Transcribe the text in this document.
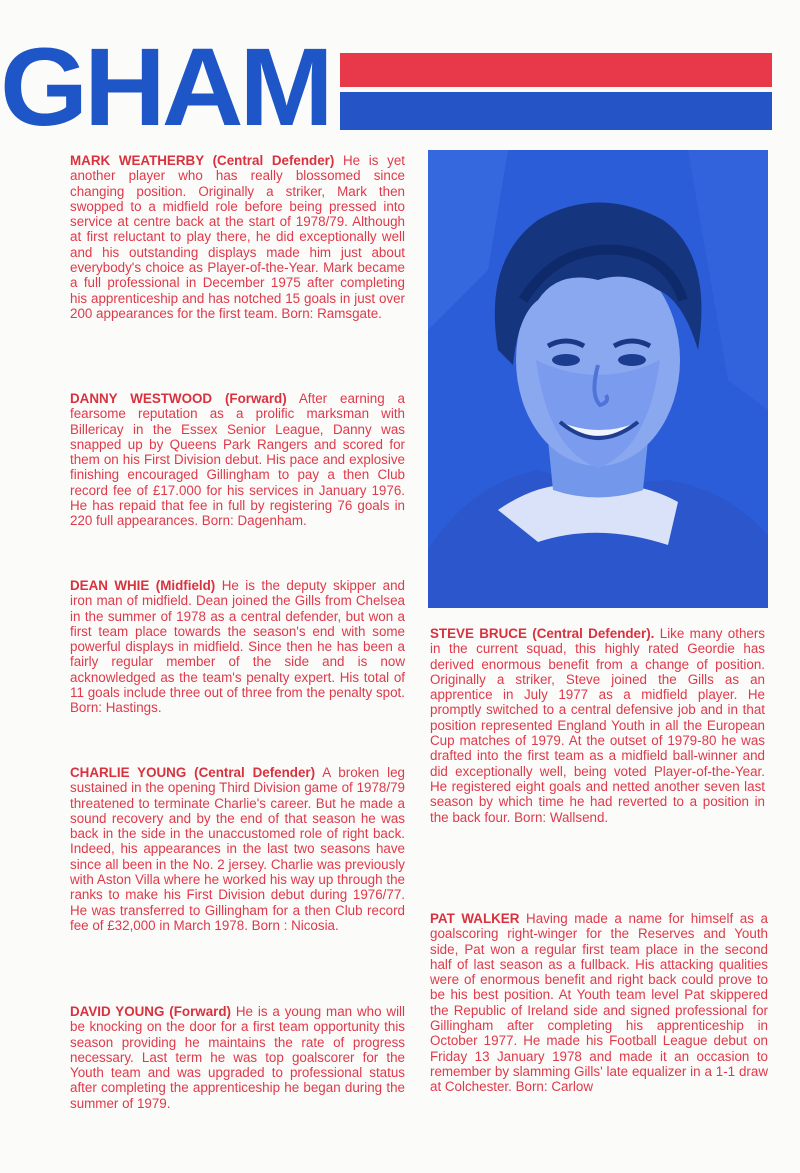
GHAM

MARK WEATHERBY (Central Defender) He is yet another player who has really blossomed since changing position. Originally a striker, Mark then swopped to a midfield role before being pressed into service at centre back at the start of 1978/79. Although at first reluctant to play there, he did exceptionally well and his outstanding displays made him just about everybody's choice as Player-of-the-Year. Mark became a full professional in December 1975 after completing his apprenticeship and has notched 15 goals in just over 200 appearances for the first team. Born: Ramsgate.

DANNY WESTWOOD (Forward) After earning a fearsome reputation as a prolific marksman with Billericay in the Essex Senior League, Danny was snapped up by Queens Park Rangers and scored for them on his First Division debut. His pace and explosive finishing encouraged Gillingham to pay a then Club record fee of £17.000 for his services in January 1976. He has repaid that fee in full by registering 76 goals in 220 full appearances. Born: Dagenham.

DEAN WHIE (Midfield) He is the deputy skipper and iron man of midfield. Dean joined the Gills from Chelsea in the summer of 1978 as a central defender, but won a first team place towards the season's end with some powerful displays in midfield. Since then he has been a fairly regular member of the side and is now acknowledged as the team's penalty expert. His total of 11 goals include three out of three from the penalty spot. Born: Hastings.

CHARLIE YOUNG (Central Defender) A broken leg sustained in the opening Third Division game of 1978/79 threatened to terminate Charlie's career. But he made a sound recovery and by the end of that season he was back in the side in the unaccustomed role of right back. Indeed, his appearances in the last two seasons have since all been in the No. 2 jersey. Charlie was previously with Aston Villa where he worked his way up through the ranks to make his First Division debut during 1976/77. He was transferred to Gillingham for a then Club record fee of £32,000 in March 1978. Born : Nicosia.

DAVID YOUNG (Forward) He is a young man who will be knocking on the door for a first team opportunity this season providing he maintains the rate of progress necessary. Last term he was top goalscorer for the Youth team and was upgraded to professional status after completing the apprenticeship he began during the summer of 1979.

STEVE BRUCE (Central Defender). Like many others in the current squad, this highly rated Geordie has derived enormous benefit from a change of position. Originally a striker, Steve joined the Gills as an apprentice in July 1977 as a midfield player. He promptly switched to a central defensive job and in that position represented England Youth in all the European Cup matches of 1979. At the outset of 1979-80 he was drafted into the first team as a midfield ball-winner and did exceptionally well, being voted Player-of-the-Year. He registered eight goals and netted another seven last season by which time he had reverted to a position in the back four. Born: Wallsend.

PAT WALKER Having made a name for himself as a goalscoring right-winger for the Reserves and Youth side, Pat won a regular first team place in the second half of last season as a fullback. His attacking qualities were of enormous benefit and right back could prove to be his best position. At Youth team level Pat skippered the Republic of Ireland side and signed professional for Gillingham after completing his apprenticeship in October 1977. He made his Football League debut on Friday 13 January 1978 and made it an occasion to remember by slamming Gills' late equalizer in a 1-1 draw at Colchester. Born: Carlow
